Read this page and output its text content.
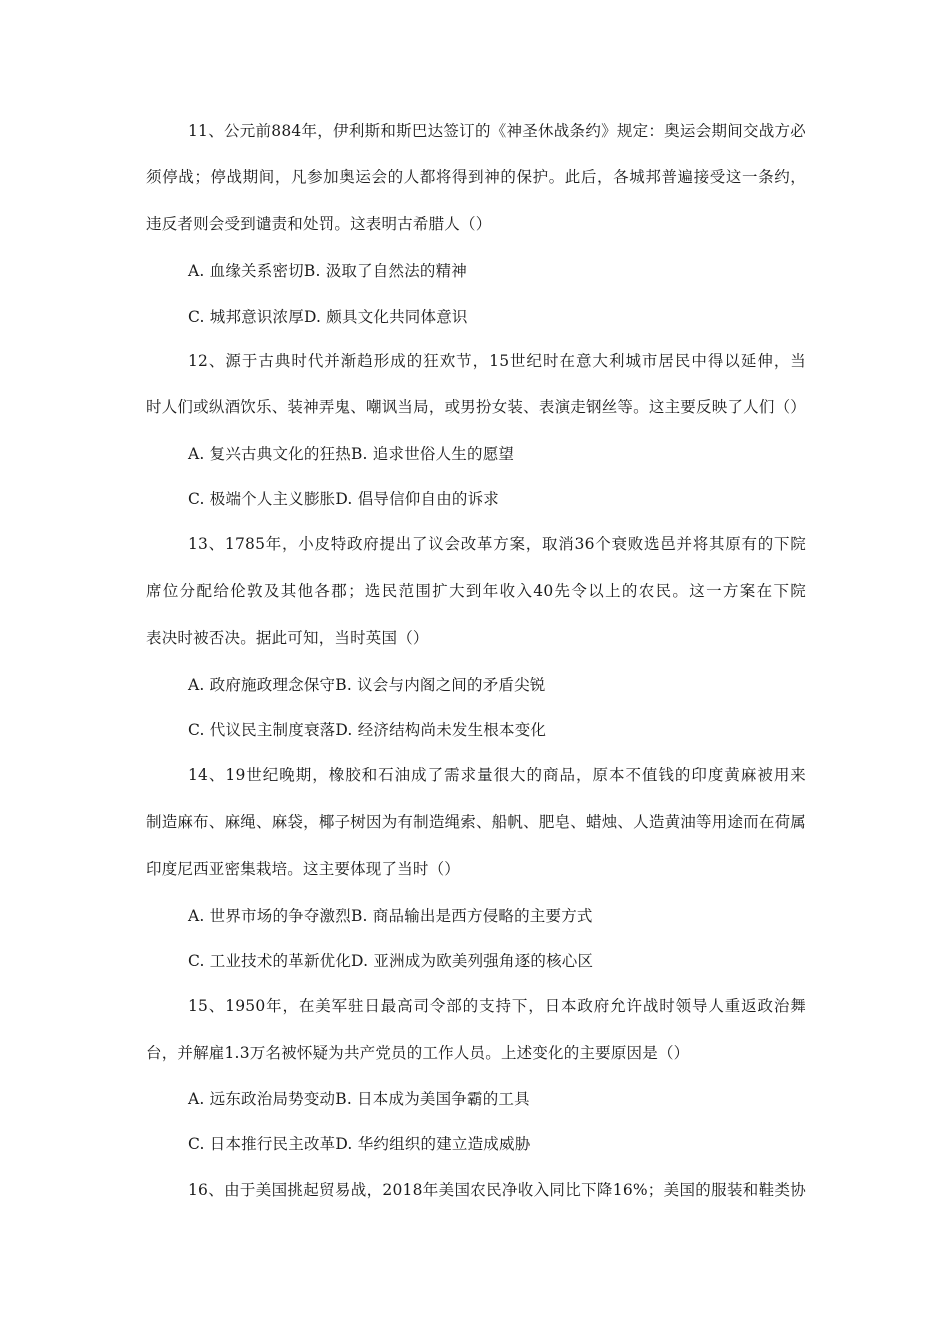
11、公元前884年，伊利斯和斯巴达签订的《神圣休战条约》规定：奥运会期间交战方必
须停战；停战期间，凡参加奥运会的人都将得到神的保护。此后，各城邦普遍接受这一条约，
违反者则会受到谴责和处罚。这表明古希腊人（）
A. 血缘关系密切B. 汲取了自然法的精神
C. 城邦意识浓厚D. 颇具文化共同体意识
12、源于古典时代并渐趋形成的狂欢节，15世纪时在意大利城市居民中得以延伸，当
时人们或纵酒饮乐、装神弄鬼、嘲讽当局，或男扮女装、表演走钢丝等。这主要反映了人们（）
A. 复兴古典文化的狂热B. 追求世俗人生的愿望
C. 极端个人主义膨胀D. 倡导信仰自由的诉求
13、1785年，小皮特政府提出了议会改革方案，取消36个衰败选邑并将其原有的下院
席位分配给伦敦及其他各郡；选民范围扩大到年收入40先令以上的农民。这一方案在下院
表决时被否决。据此可知，当时英国（）
A. 政府施政理念保守B. 议会与内阁之间的矛盾尖锐
C. 代议民主制度衰落D. 经济结构尚未发生根本变化
14、19世纪晚期，橡胶和石油成了需求量很大的商品，原本不值钱的印度黄麻被用来
制造麻布、麻绳、麻袋，椰子树因为有制造绳索、船帆、肥皂、蜡烛、人造黄油等用途而在荷属
印度尼西亚密集栽培。这主要体现了当时（）
A. 世界市场的争夺激烈B. 商品输出是西方侵略的主要方式
C. 工业技术的革新优化D. 亚洲成为欧美列强角逐的核心区
15、1950年，在美军驻日最高司令部的支持下，日本政府允许战时领导人重返政治舞
台，并解雇1.3万名被怀疑为共产党员的工作人员。上述变化的主要原因是（）
A. 远东政治局势变动B. 日本成为美国争霸的工具
C. 日本推行民主改革D. 华约组织的建立造成威胁
16、由于美国挑起贸易战，2018年美国农民净收入同比下降16%；美国的服装和鞋类协
